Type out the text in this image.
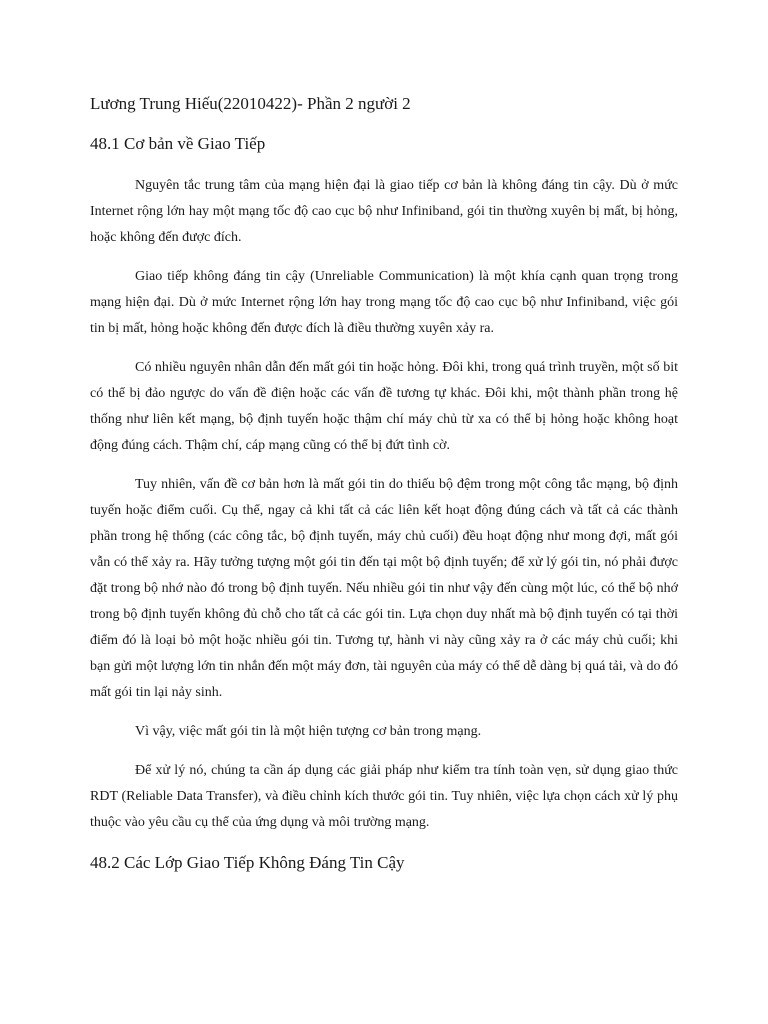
Lương Trung Hiếu(22010422)- Phần 2 người 2

48.1 Cơ bản về Giao Tiếp

Nguyên tắc trung tâm của mạng hiện đại là giao tiếp cơ bản là không đáng tin cậy. Dù ở mức Internet rộng lớn hay một mạng tốc độ cao cục bộ như Infiniband, gói tin thường xuyên bị mất, bị hỏng, hoặc không đến được đích.

Giao tiếp không đáng tin cậy (Unreliable Communication) là một khía cạnh quan trọng trong mạng hiện đại. Dù ở mức Internet rộng lớn hay trong mạng tốc độ cao cục bộ như Infiniband, việc gói tin bị mất, hỏng hoặc không đến được đích là điều thường xuyên xảy ra.

Có nhiều nguyên nhân dẫn đến mất gói tin hoặc hỏng. Đôi khi, trong quá trình truyền, một số bit có thể bị đảo ngược do vấn đề điện hoặc các vấn đề tương tự khác. Đôi khi, một thành phần trong hệ thống như liên kết mạng, bộ định tuyến hoặc thậm chí máy chủ từ xa có thể bị hỏng hoặc không hoạt động đúng cách. Thậm chí, cáp mạng cũng có thể bị đứt tình cờ.

Tuy nhiên, vấn đề cơ bản hơn là mất gói tin do thiếu bộ đệm trong một công tắc mạng, bộ định tuyến hoặc điểm cuối. Cụ thể, ngay cả khi tất cả các liên kết hoạt động đúng cách và tất cả các thành phần trong hệ thống (các công tắc, bộ định tuyến, máy chủ cuối) đều hoạt động như mong đợi, mất gói vẫn có thể xảy ra. Hãy tưởng tượng một gói tin đến tại một bộ định tuyến; để xử lý gói tin, nó phải được đặt trong bộ nhớ nào đó trong bộ định tuyến. Nếu nhiều gói tin như vậy đến cùng một lúc, có thể bộ nhớ trong bộ định tuyến không đủ chỗ cho tất cả các gói tin. Lựa chọn duy nhất mà bộ định tuyến có tại thời điểm đó là loại bỏ một hoặc nhiều gói tin. Tương tự, hành vi này cũng xảy ra ở các máy chủ cuối; khi bạn gửi một lượng lớn tin nhắn đến một máy đơn, tài nguyên của máy có thể dễ dàng bị quá tải, và do đó mất gói tin lại nảy sinh.

Vì vậy, việc mất gói tin là một hiện tượng cơ bản trong mạng.

Để xử lý nó, chúng ta cần áp dụng các giải pháp như kiểm tra tính toàn vẹn, sử dụng giao thức RDT (Reliable Data Transfer), và điều chỉnh kích thước gói tin. Tuy nhiên, việc lựa chọn cách xử lý phụ thuộc vào yêu cầu cụ thể của ứng dụng và môi trường mạng.

48.2 Các Lớp Giao Tiếp Không Đáng Tin Cậy
